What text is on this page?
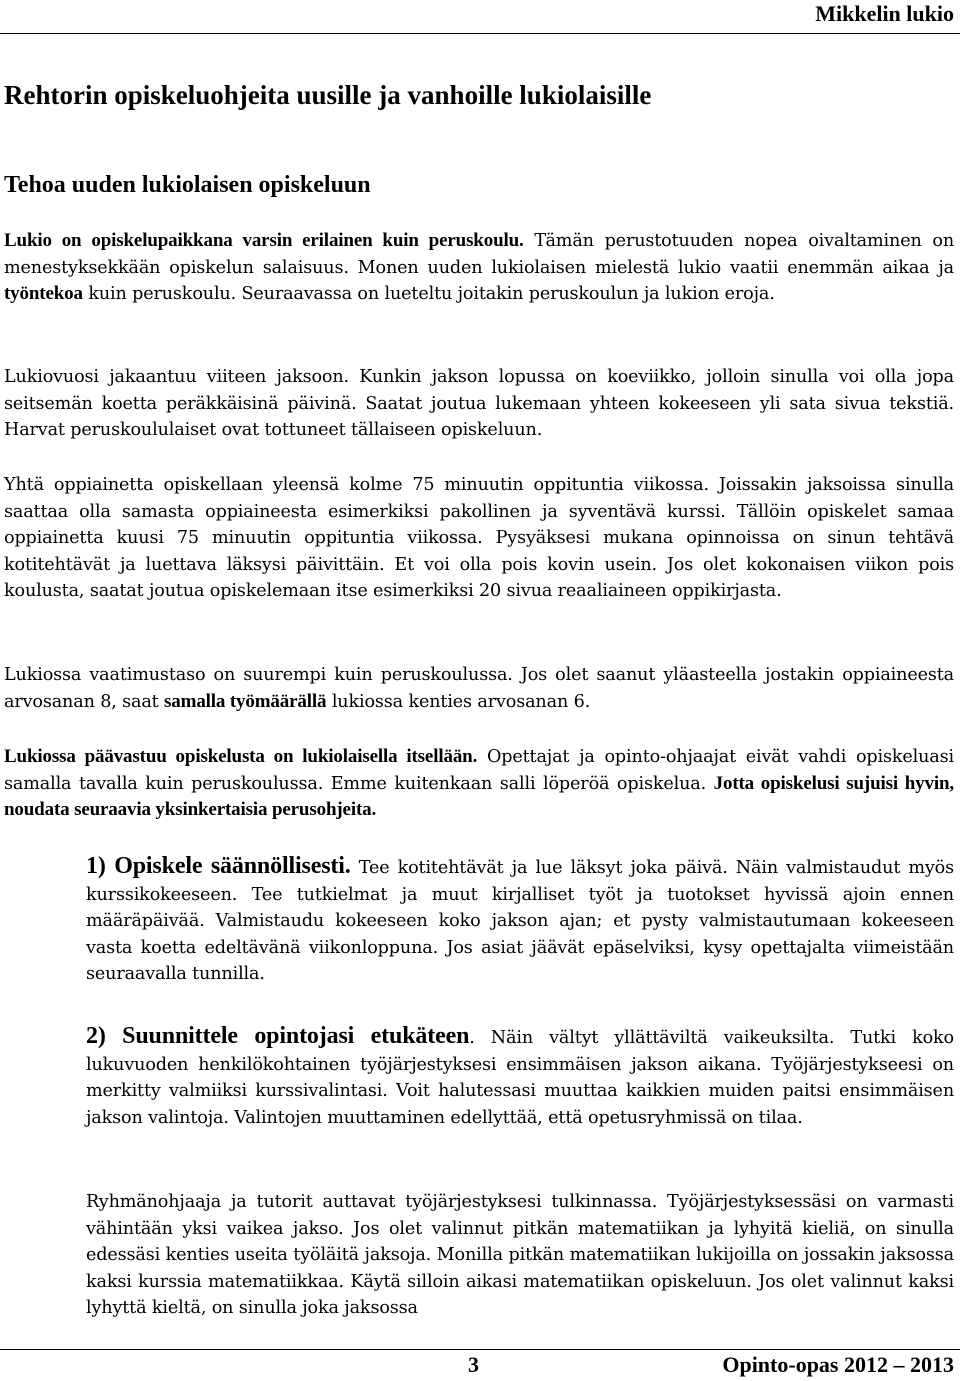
Mikkelin lukio
Rehtorin opiskeluohjeita uusille ja vanhoille lukiolaisille
Tehoa uuden lukiolaisen opiskeluun

Lukio on opiskelupaikkana varsin erilainen kuin peruskoulu. Tämän perustotuuden nopea oivaltaminen on menestyksekkään opiskelun salaisuus. Monen uuden lukiolaisen mielestä lukio vaatii enemmän aikaa ja työntekoa kuin peruskoulu. Seuraavassa on lueteltu joitakin peruskoulun ja lukion eroja.

Lukiovuosi jakaantuu viiteen jaksoon. Kunkin jakson lopussa on koeviikko, jolloin sinulla voi olla jopa seitsemän koetta peräkkäisinä päivinä. Saatat joutua lukemaan yhteen kokeeseen yli sata sivua tekstiä. Harvat peruskoululaiset ovat tottuneet tällaiseen opiskeluun.

Yhtä oppiainetta opiskellaan yleensä kolme 75 minuutin oppituntia viikossa. Joissakin jaksoissa sinulla saattaa olla samasta oppiaineesta esimerkiksi pakollinen ja syventävä kurssi. Tällöin opiskelet samaa oppiainetta kuusi 75 minuutin oppituntia viikossa. Pysyäksesi mukana opinnoissa on sinun tehtävä kotitehtävät ja luettava läksysi päivittäin. Et voi olla pois kovin usein. Jos olet kokonaisen viikon pois koulusta, saatat joutua opiskelemaan itse esimerkiksi 20 sivua reaaliaineen oppikirjasta.

Lukiossa vaatimustaso on suurempi kuin peruskoulussa. Jos olet saanut yläasteella jostakin oppiaineesta arvosanan 8, saat samalla työmäärällä lukiossa kenties arvosanan 6.

Lukiossa päävastuu opiskelusta on lukiolaisella itsellään. Opettajat ja opinto-ohjaajat eivät vahdi opiskeluasi samalla tavalla kuin peruskoulussa. Emme kuitenkaan salli löperöä opiskelua. Jotta opiskelusi sujuisi hyvin, noudata seuraavia yksinkertaisia perusohjeita.

1) Opiskele säännöllisesti. Tee kotitehtävät ja lue läksyt joka päivä. Näin valmistaudut myös kurssikokeeseen. Tee tutkielmat ja muut kirjalliset työt ja tuotokset hyvissä ajoin ennen määräpäivää. Valmistaudu kokeeseen koko jakson ajan; et pysty valmistautumaan kokeeseen vasta koetta edeltävänä viikonloppuna. Jos asiat jäävät epäselviksi, kysy opettajalta viimeistään seuraavalla tunnilla.

2) Suunnittele opintojasi etukäteen. Näin vältyt yllättäviltä vaikeuksilta. Tutki koko lukuvuoden henkilökohtainen työjärjestyksesi ensimmäisen jakson aikana. Työjärjestykseesi on merkitty valmiiksi kurssivalintasi. Voit halutessasi muuttaa kaikkien muiden paitsi ensimmäisen jakson valintoja. Valintojen muuttaminen edellyttää, että opetusryhmissä on tilaa.

Ryhmänohjaaja ja tutorit auttavat työjärjestyksesi tulkinnassa. Työjärjestyksessäsi on varmasti vähintään yksi vaikea jakso. Jos olet valinnut pitkän matematiikan ja lyhyitä kieliä, on sinulla edessäsi kenties useita työläitä jaksoja. Monilla pitkän matematiikan lukijoilla on jossakin jaksossa kaksi kurssia matematiikkaa. Käytä silloin aikasi matematiikan opiskeluun. Jos olet valinnut kaksi lyhyttä kieltä, on sinulla joka jaksossa

3	Opinto-opas 2012 – 2013
